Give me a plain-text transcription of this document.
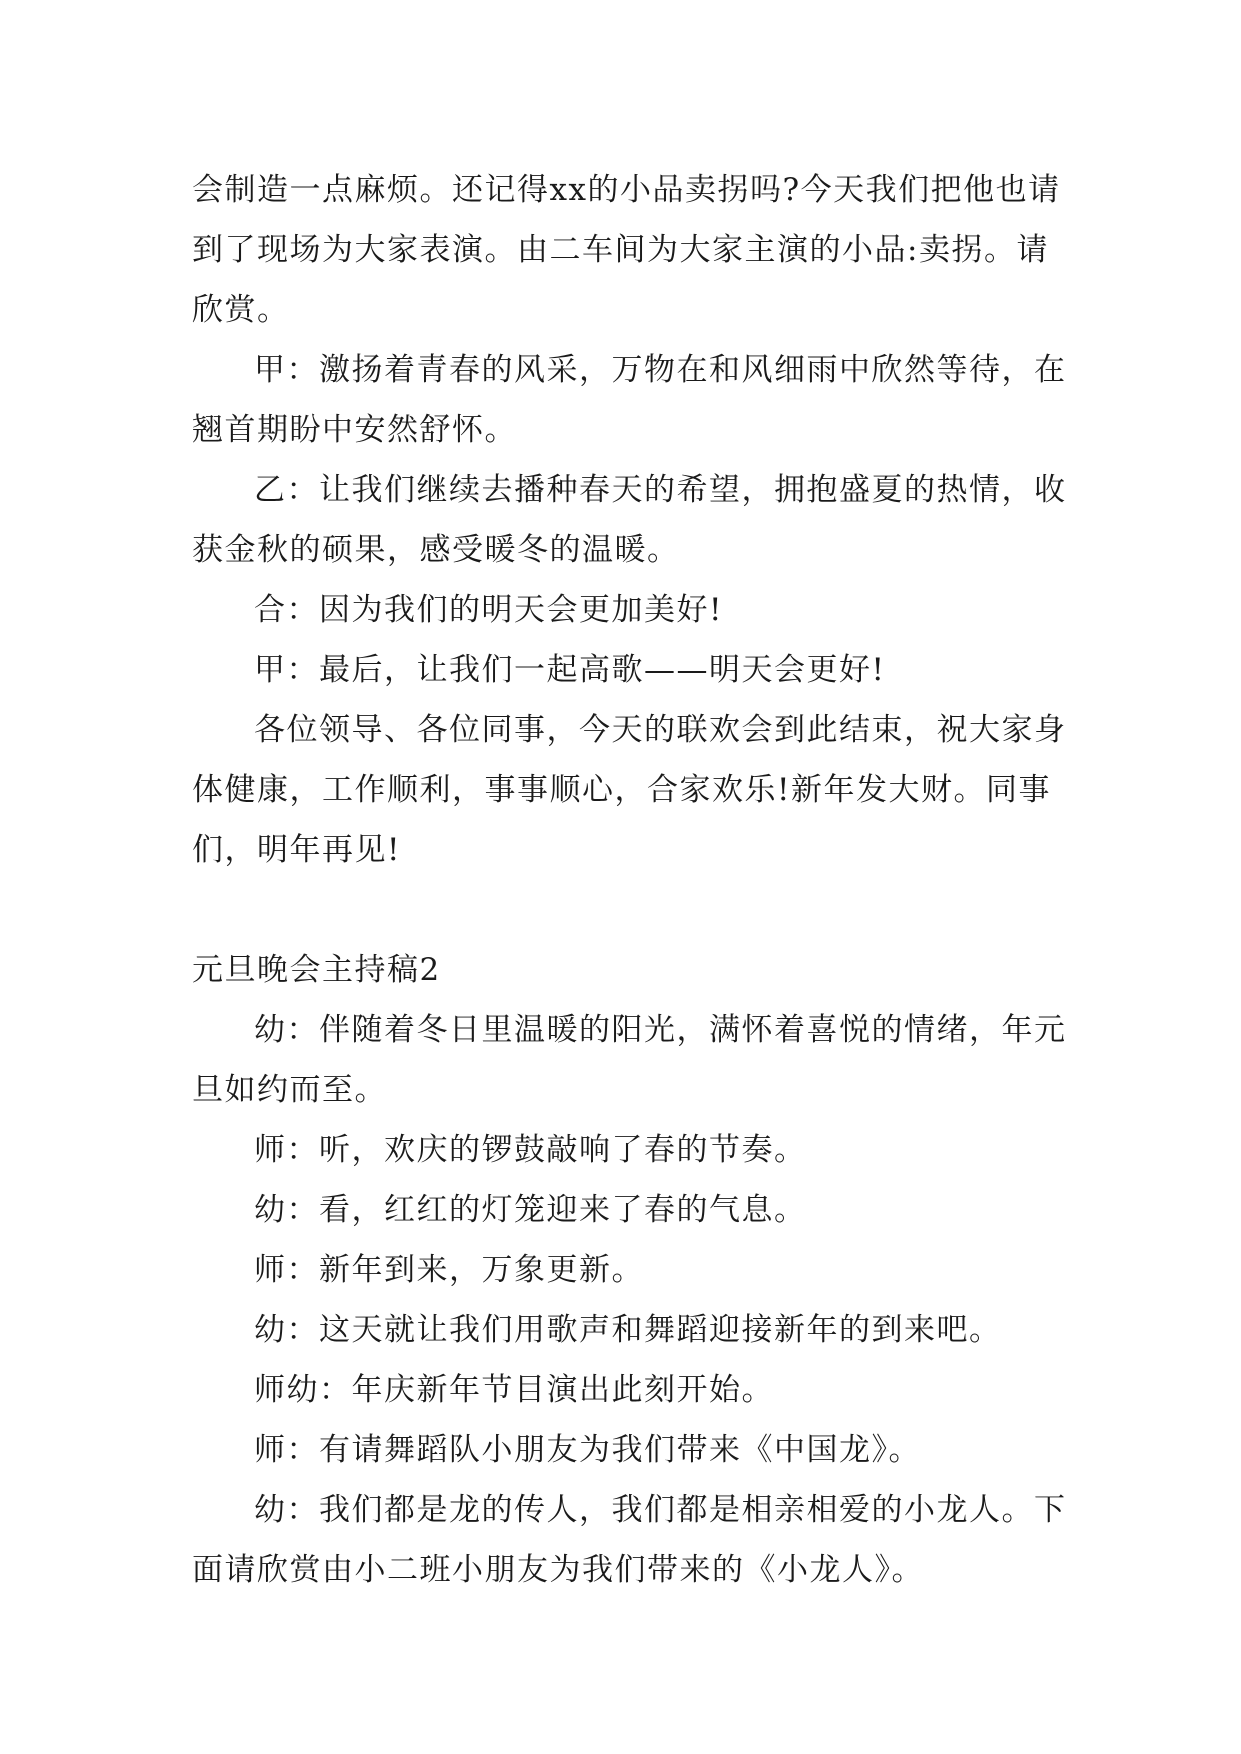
会制造一点麻烦。还记得xx的小品卖拐吗?今天我们把他也请到了现场为大家表演。由二车间为大家主演的小品:卖拐。请欣赏。

甲：激扬着青春的风采，万物在和风细雨中欣然等待，在翘首期盼中安然舒怀。

乙：让我们继续去播种春天的希望，拥抱盛夏的热情，收获金秋的硕果，感受暖冬的温暖。

合：因为我们的明天会更加美好!

甲：最后，让我们一起高歌——明天会更好!

各位领导、各位同事，今天的联欢会到此结束，祝大家身体健康，工作顺利，事事顺心，合家欢乐!新年发大财。同事们，明年再见!

元旦晚会主持稿2

幼：伴随着冬日里温暖的阳光，满怀着喜悦的情绪，年元旦如约而至。

师：听，欢庆的锣鼓敲响了春的节奏。

幼：看，红红的灯笼迎来了春的气息。

师：新年到来，万象更新。

幼：这天就让我们用歌声和舞蹈迎接新年的到来吧。

师幼：年庆新年节目演出此刻开始。

师：有请舞蹈队小朋友为我们带来《中国龙》。

幼：我们都是龙的传人，我们都是相亲相爱的小龙人。下面请欣赏由小二班小朋友为我们带来的《小龙人》。
